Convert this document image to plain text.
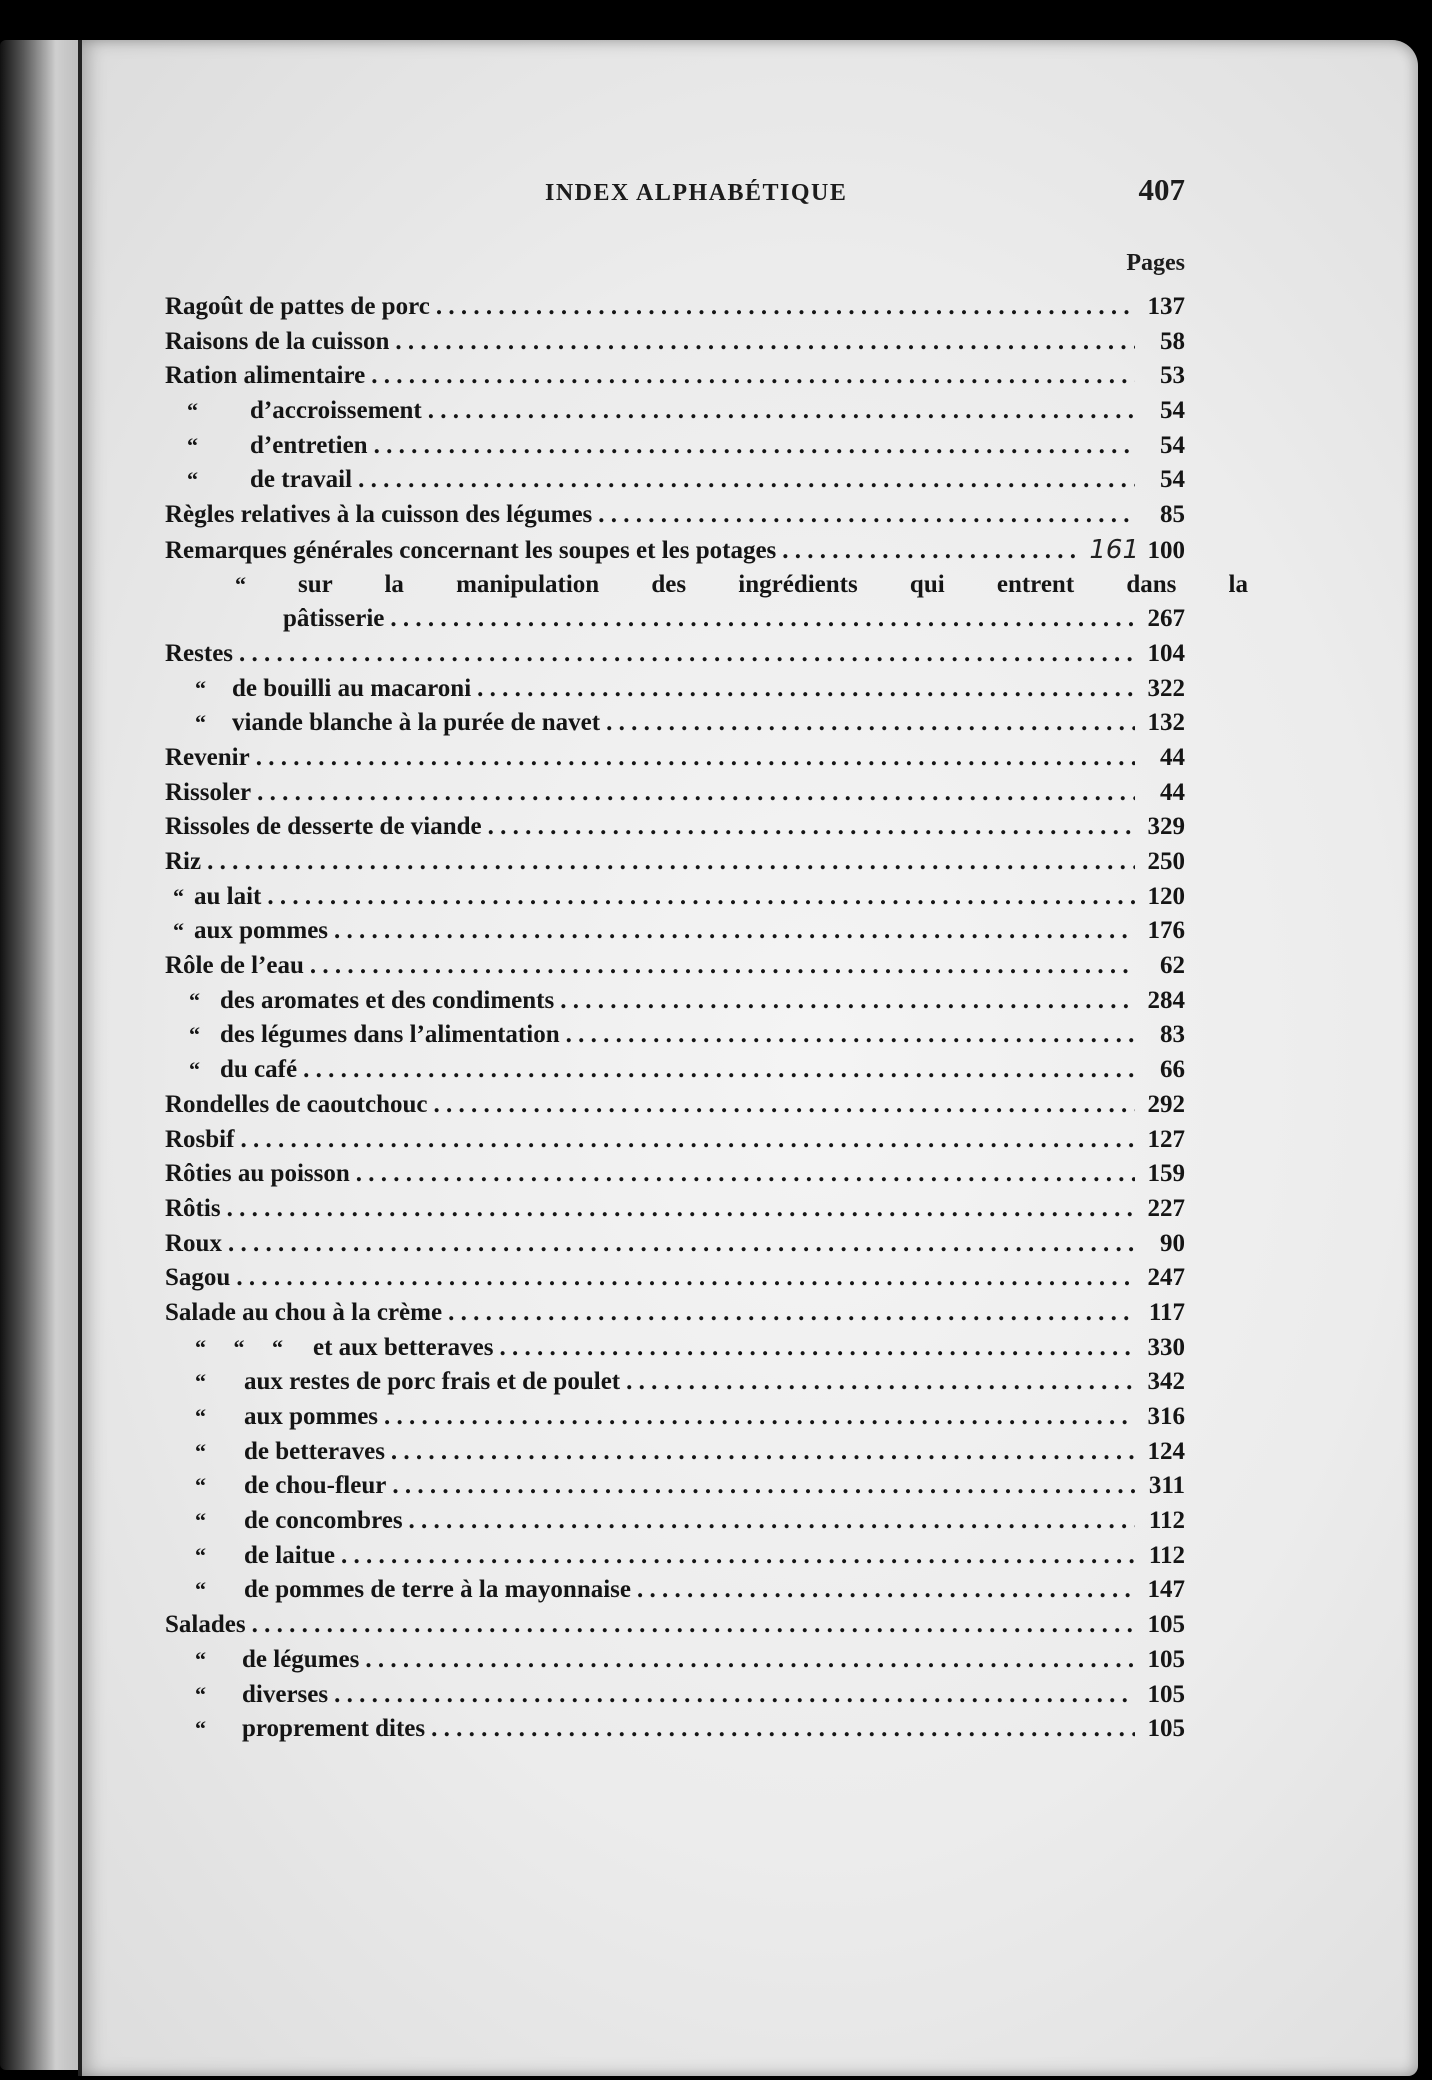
INDEX ALPHABÉTIQUE	407
Pages
Ragoût de pattes de porc . . .	137
Raisons de la cuisson . . .	58
Ration alimentaire . . .	53
“ d’accroissement . . .	54
“ d’entretien . . .	54
“ de travail . . .	54
Règles relatives à la cuisson des légumes . . .	85
Remarques générales concernant les soupes et les potages . . .	161 100
“ sur la manipulation des ingrédients qui entrent dans la
pâtisserie . . .	267
Restes . . .	104
“ de bouilli au macaroni . . .	322
“ viande blanche à la purée de navet . . .	132
Revenir . . .	44
Rissoler . . .	44
Rissoles de desserte de viande . . .	329
Riz . . .	250
“ au lait . . .	120
“ aux pommes . . .	176
Rôle de l’eau . . .	62
“ des aromates et des condiments . . .	284
“ des légumes dans l’alimentation . . .	83
“ du café . . .	66
Rondelles de caoutchouc . . .	292
Rosbif . . .	127
Rôties au poisson . . .	159
Rôtis . . .	227
Roux . . .	90
Sagou . . .	247
Salade au chou à la crème . . .	117
“     “     “ et aux betteraves . . .	330
“ aux restes de porc frais et de poulet . . .	342
“ aux pommes . . .	316
“ de betteraves . . .	124
“ de chou-fleur . . .	311
“ de concombres . . .	112
“ de laitue . . .	112
“ de pommes de terre à la mayonnaise . . .	147
Salades . . .	105
“ de légumes . . .	105
“ diverses . . .	105
“ proprement dites . . .	105
